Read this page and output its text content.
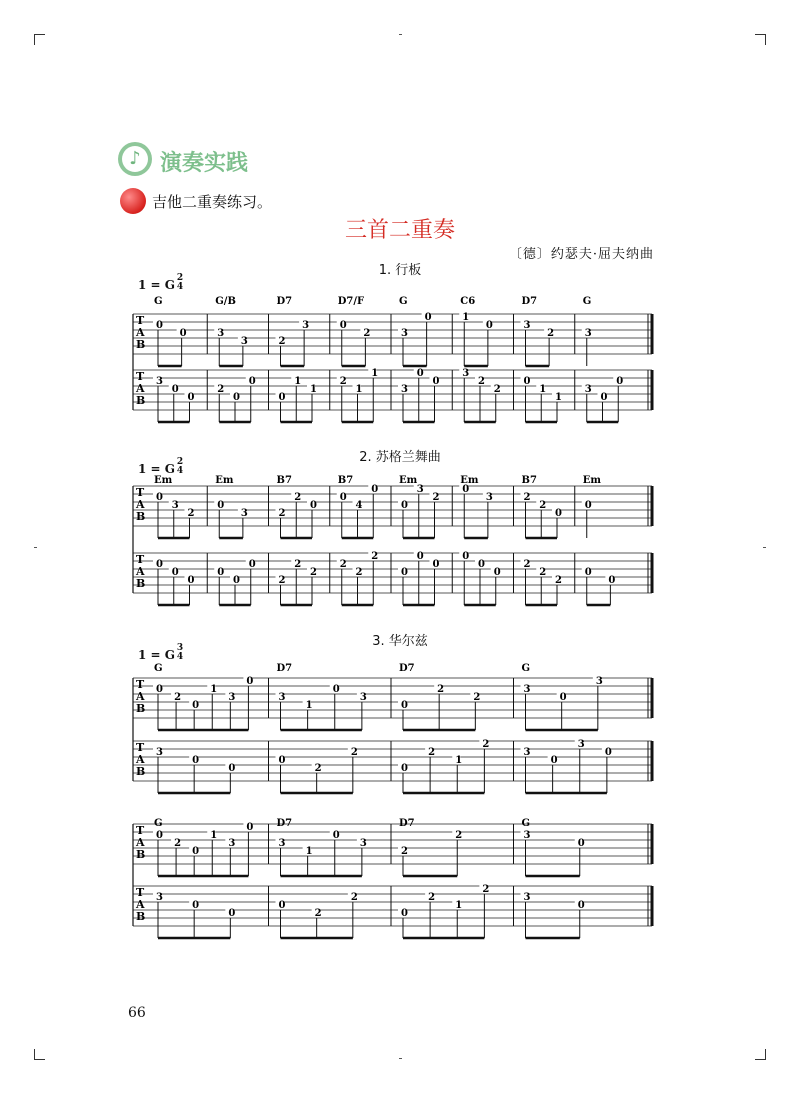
♪ 演奏实践
吉他二重奏练习。
三首二重奏
〔德〕约瑟夫·屈夫纳曲
1. 行板
2. 苏格兰舞曲
3. 华尔兹
1 = G 2
4
1 = G 2
4
1 = G 3
4
T
A
B
T
A
B
0
0
G
3
3
G/B
2
3
D7
0
2
D7/F
3
0
G
1
0
C6
3
2
D7
3
G
3
0
0
2
0
0
0
1
1
2
1
1
3
0
0
3
2
2
0
1
1
3
0
0
T
A
B
T
A
B
0
3
2
Em
0
3
Em
2
2
0
B7
0
4
0
B7
0
3
2
Em
0
3
Em
2
2
0
B7
0
Em
0
0
0
0
0
0
2
2
2
2
2
2
0
0
0
0
0
0
2
2
2
0
0
T
A
B
T
A
B
0
2
0
1
3
0
G
3
1
0
3
D7
0
2
2
D7
3
0
3
G
3
0
0
0
2
2
0
2
1
2
3
0
3
0
T
A
B
T
A
B
0
2
0
1
3
0
G
3
1
0
3
D7
2
2
D7
3
0
G
3
0
0
0
2
2
0
2
1
2
3
0
66
